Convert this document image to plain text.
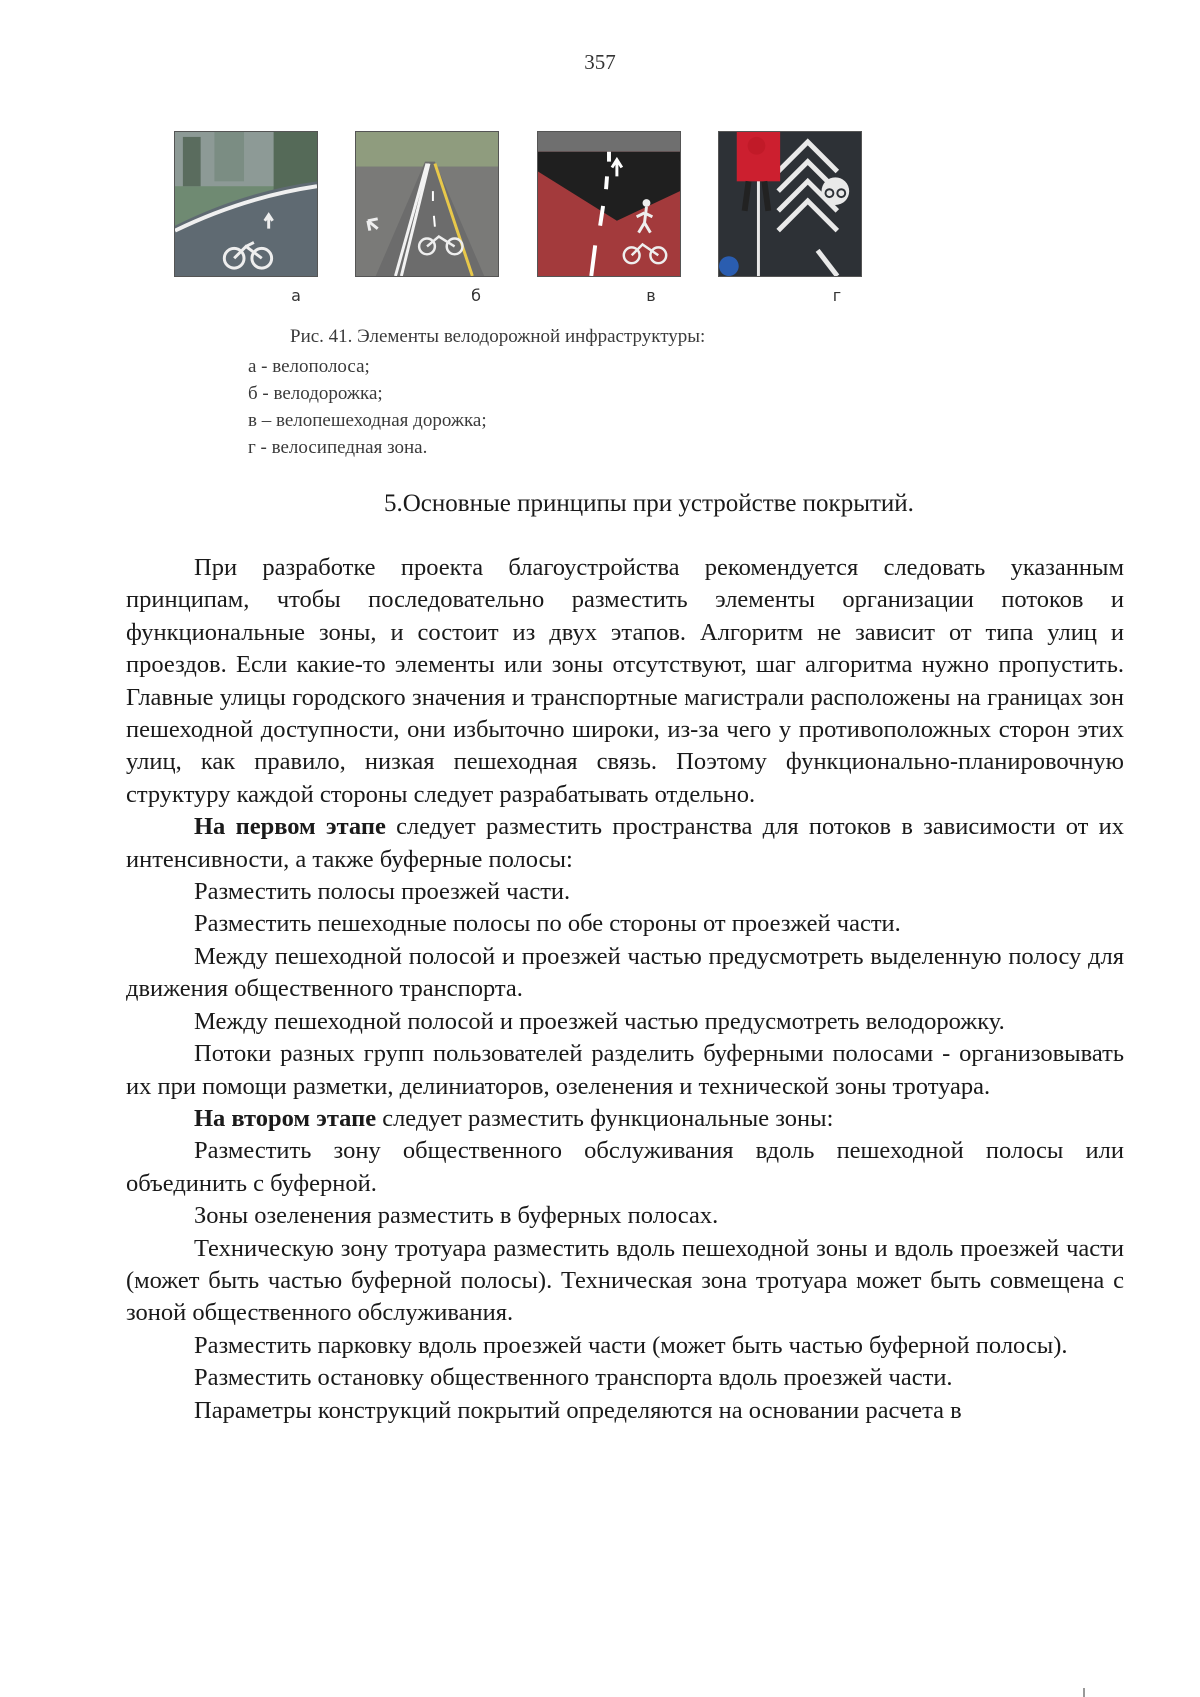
357
а	б	в	г
Рис. 41. Элементы велодорожной инфраструктуры:
а - велополоса;
б - велодорожка;
в – велопешеходная дорожка;
г - велосипедная зона.
5.Основные принципы при устройстве покрытий.

При разработке проекта благоустройства рекомендуется следовать указанным принципам, чтобы последовательно разместить элементы организации потоков и функциональные зоны, и состоит из двух этапов. Алгоритм не зависит от типа улиц и проездов. Если какие-то элементы или зоны отсутствуют, шаг алгоритма нужно пропустить. Главные улицы городского значения и транспортные магистрали расположены на границах зон пешеходной доступности, они избыточно широки, из-за чего у противоположных сторон этих улиц, как правило, низкая пешеходная связь. Поэтому функционально-планировочную структуру каждой стороны следует разрабатывать отдельно.

На первом этапе следует разместить пространства для потоков в зависимости от их интенсивности, а также буферные полосы:

Разместить полосы проезжей части.

Разместить пешеходные полосы по обе стороны от проезжей части.

Между пешеходной полосой и проезжей частью предусмотреть выделенную полосу для движения общественного транспорта.

Между пешеходной полосой и проезжей частью предусмотреть велодорожку.

Потоки разных групп пользователей разделить буферными полосами - организовывать их при помощи разметки, делиниаторов, озеленения и технической зоны тротуара.

На втором этапе следует разместить функциональные зоны:

Разместить зону общественного обслуживания вдоль пешеходной полосы или объединить с буферной.

Зоны озеленения разместить в буферных полосах.

Техническую зону тротуара разместить вдоль пешеходной зоны и вдоль проезжей части (может быть частью буферной полосы). Техническая зона тротуара может быть совмещена с зоной общественного обслуживания.

Разместить парковку вдоль проезжей части (может быть частью буферной полосы).

Разместить остановку общественного транспорта вдоль проезжей части.

Параметры конструкций покрытий определяются на основании расчета в
